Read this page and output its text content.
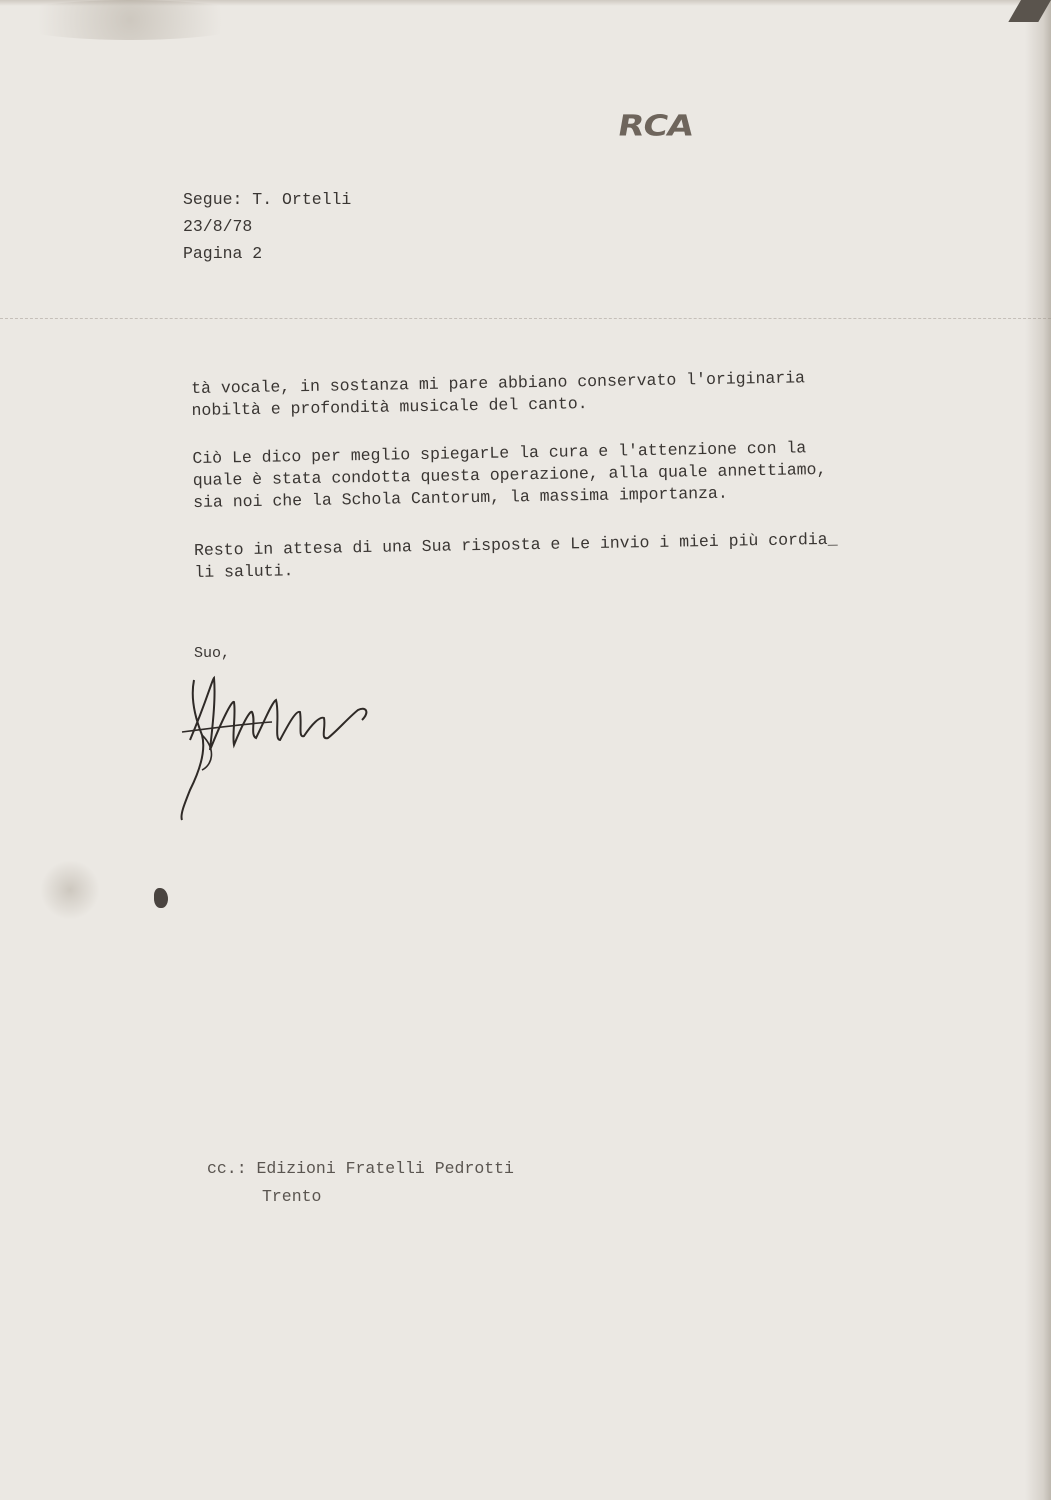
RCA
Segue: T. Ortelli
23/8/78
Pagina 2

tà vocale, in sostanza mi pare abbiano conservato l'originaria
nobiltà e profondità musicale del canto.

Ciò Le dico per meglio spiegarLe la cura e l'attenzione con la
quale è stata condotta questa operazione, alla quale annettiamo,
sia noi che la Schola Cantorum, la massima importanza.

Resto in attesa di una Sua risposta e Le invio i miei più cordia_
li saluti.

Suo,
cc.: Edizioni Fratelli Pedrotti
Trento
